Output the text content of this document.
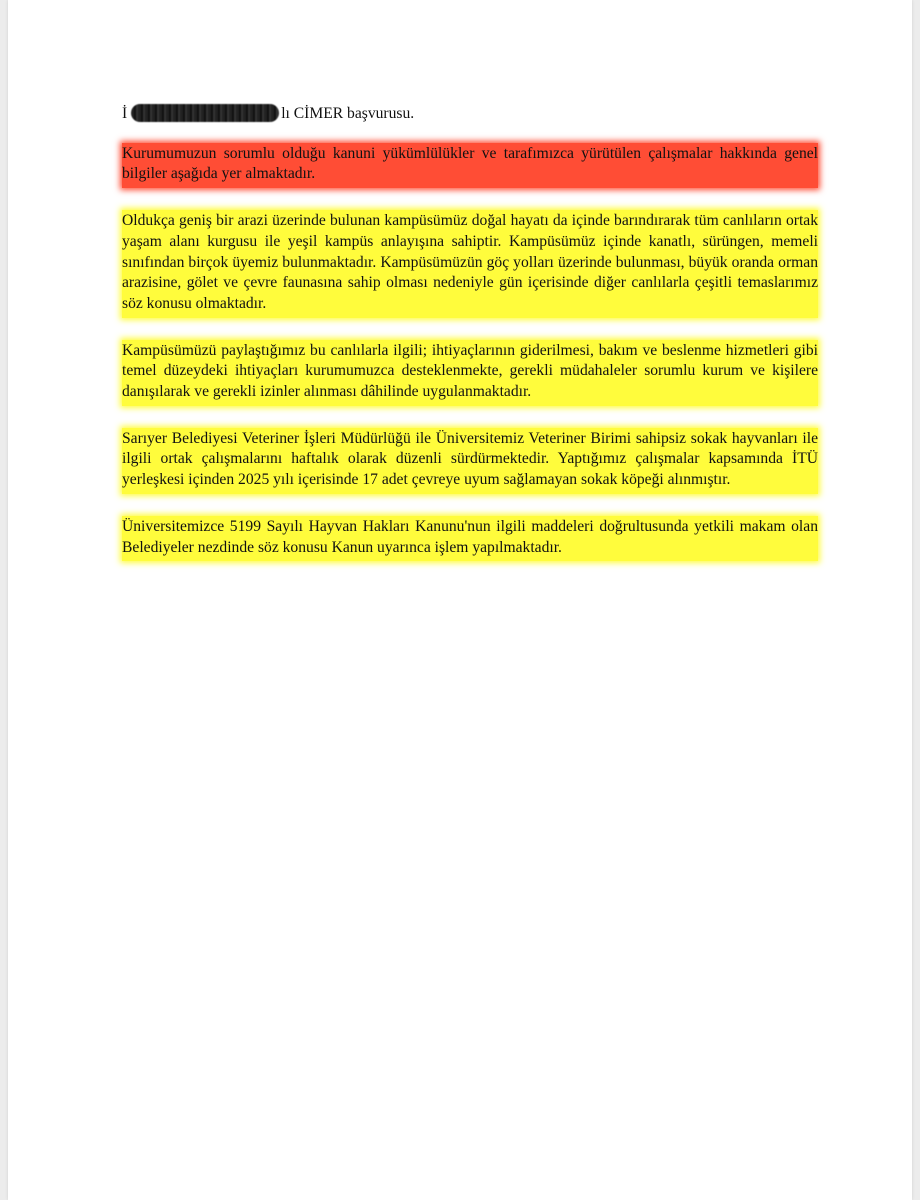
İ	lı CİMER başvurusu.

Kurumumuzun sorumlu olduğu kanuni yükümlülükler ve tarafımızca yürütülen çalışmalar hakkında genel bilgiler aşağıda yer almaktadır.

Oldukça geniş bir arazi üzerinde bulunan kampüsümüz doğal hayatı da içinde barındırarak tüm canlıların ortak yaşam alanı kurgusu ile yeşil kampüs anlayışına sahiptir. Kampüsümüz içinde kanatlı, sürüngen, memeli sınıfından birçok üyemiz bulunmaktadır. Kampüsümüzün göç yolları üzerinde bulunması, büyük oranda orman arazisine, gölet ve çevre faunasına sahip olması nedeniyle gün içerisinde diğer canlılarla çeşitli temaslarımız söz konusu olmaktadır.

Kampüsümüzü paylaştığımız bu canlılarla ilgili; ihtiyaçlarının giderilmesi, bakım ve beslenme hizmetleri gibi temel düzeydeki ihtiyaçları kurumumuzca desteklenmekte, gerekli müdahaleler sorumlu kurum ve kişilere danışılarak ve gerekli izinler alınması dâhilinde uygulanmaktadır.

Sarıyer Belediyesi Veteriner İşleri Müdürlüğü ile Üniversitemiz Veteriner Birimi sahipsiz sokak hayvanları ile ilgili ortak çalışmalarını haftalık olarak düzenli sürdürmektedir. Yaptığımız çalışmalar kapsamında İTÜ yerleşkesi içinden 2025 yılı içerisinde 17 adet çevreye uyum sağlamayan sokak köpeği alınmıştır.

Üniversitemizce 5199 Sayılı Hayvan Hakları Kanunu'nun ilgili maddeleri doğrultusunda yetkili makam olan Belediyeler nezdinde söz konusu Kanun uyarınca işlem yapılmaktadır.
